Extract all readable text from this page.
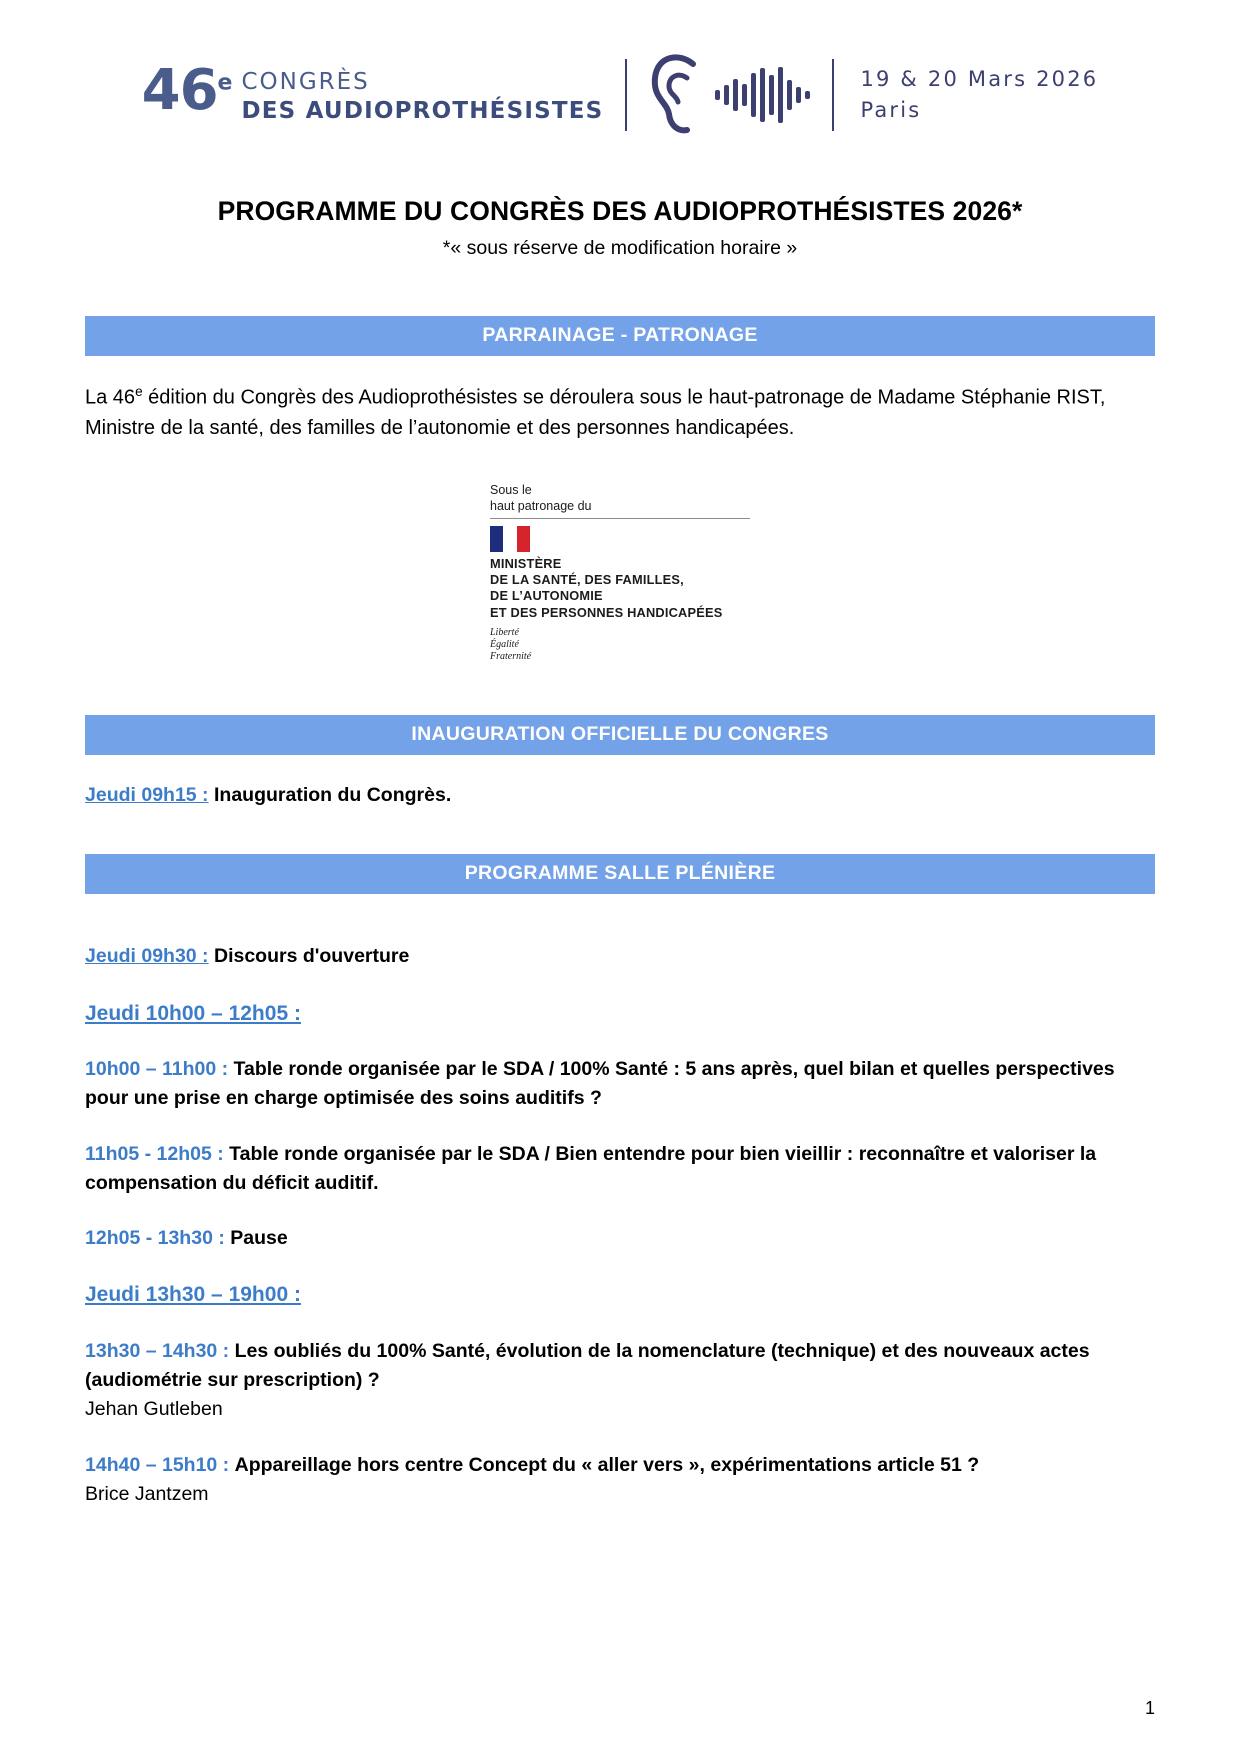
46e CONGRÈS
DES AUDIOPROTHÉSISTES
19 & 20 Mars 2026
Paris
PROGRAMME DU CONGRÈS DES AUDIOPROTHÉSISTES 2026*
*« sous réserve de modification horaire »
PARRAINAGE - PATRONAGE

La 46e édition du Congrès des Audioprothésistes se déroulera sous le haut-patronage de Madame Stéphanie RIST, Ministre de la santé, des familles de l’autonomie et des personnes handicapées.

Sous le
haut patronage du
MINISTÈRE
DE LA SANTÉ, DES FAMILLES,
DE L’AUTONOMIE
ET DES PERSONNES HANDICAPÉES
Liberté
Égalité
Fraternité
INAUGURATION OFFICIELLE DU CONGRES
Jeudi 09h15 : Inauguration du Congrès.
PROGRAMME SALLE PLÉNIÈRE
Jeudi 09h30 : Discours d'ouverture
Jeudi 10h00 – 12h05 :
10h00 – 11h00 : Table ronde organisée par le SDA / 100% Santé : 5 ans après, quel bilan et quelles perspectives pour une prise en charge optimisée des soins auditifs ?
11h05 - 12h05 : Table ronde organisée par le SDA / Bien entendre pour bien vieillir : reconnaître et valoriser la compensation du déficit auditif.
12h05 - 13h30 : Pause
Jeudi 13h30 – 19h00 :
13h30 – 14h30 : Les oubliés du 100% Santé, évolution de la nomenclature (technique) et des nouveaux actes (audiométrie sur prescription) ?
Jehan Gutleben
14h40 – 15h10 : Appareillage hors centre Concept du « aller vers », expérimentations article 51 ?
Brice Jantzem
1
